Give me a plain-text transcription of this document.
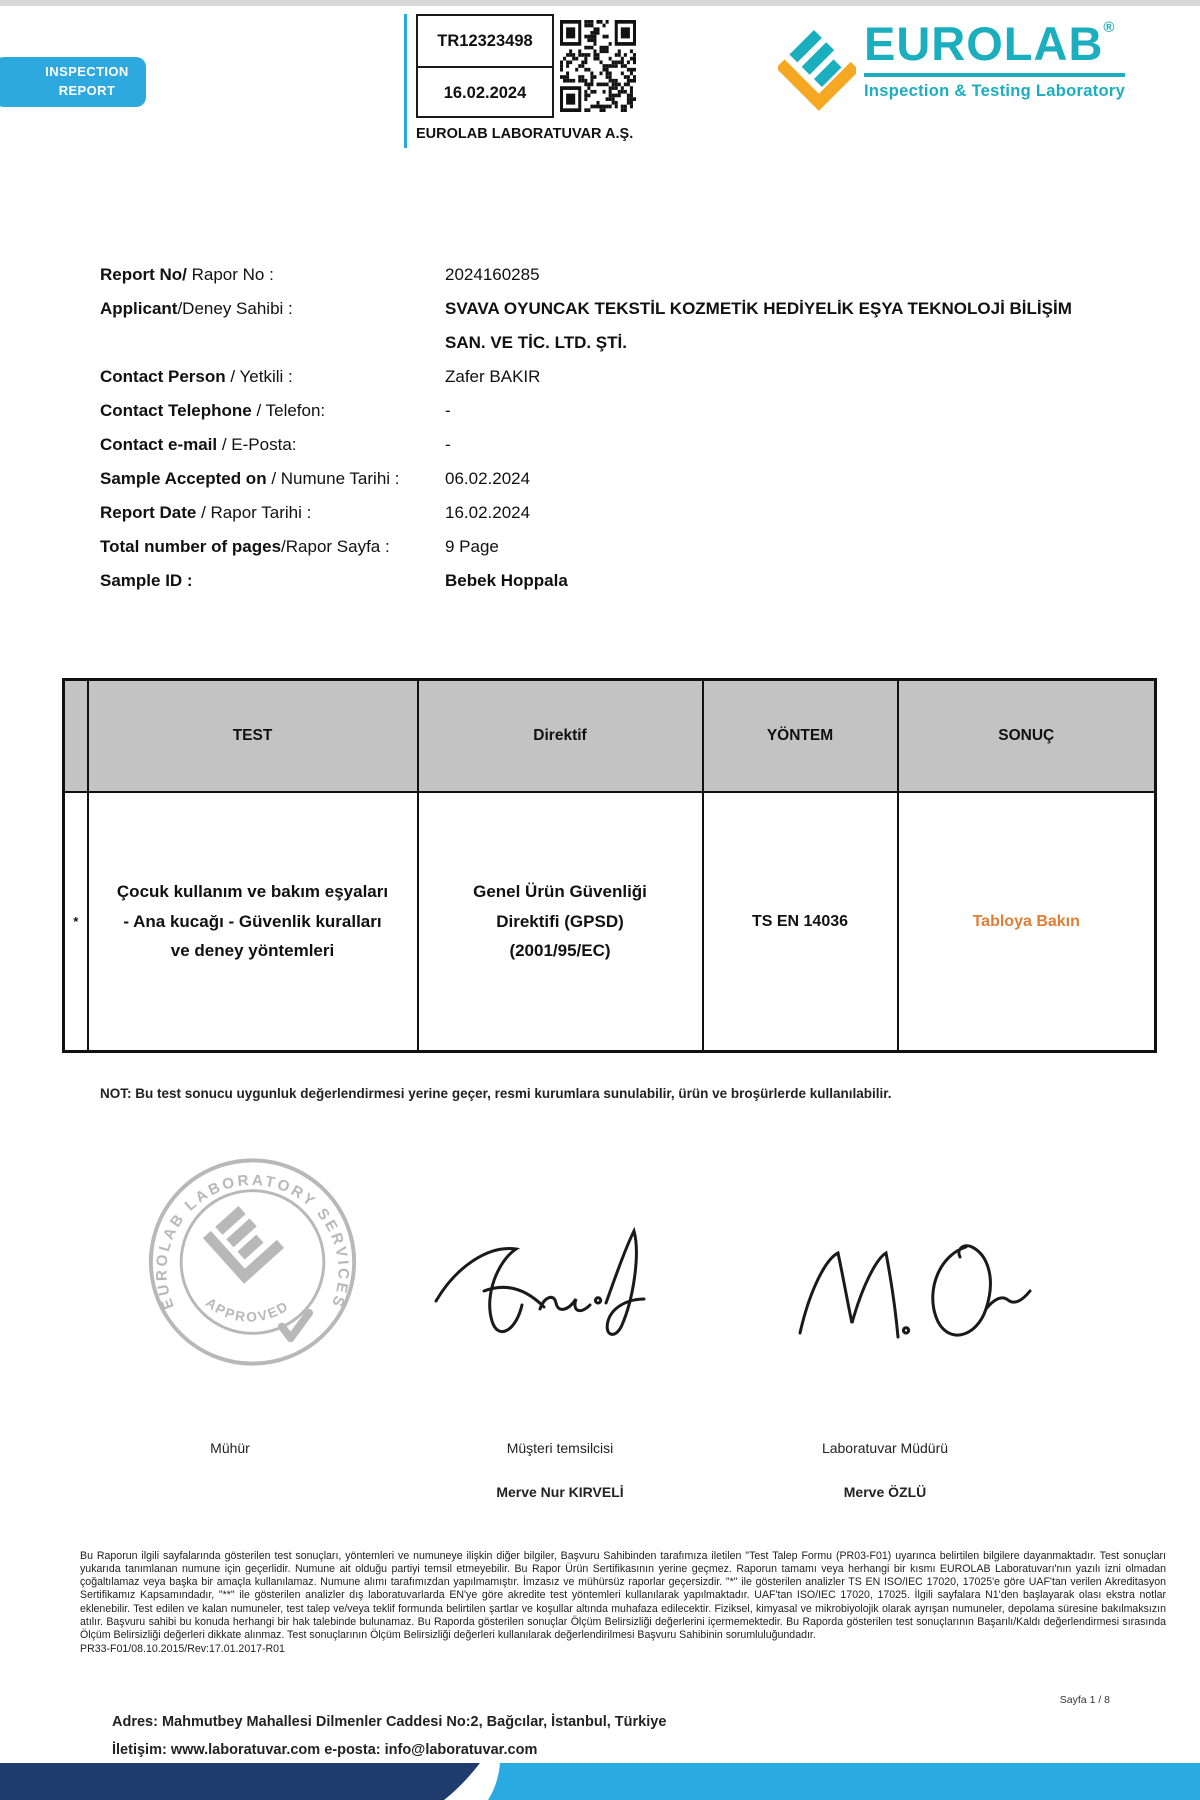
INSPECTION
REPORT
TR12323498
16.02.2024
EUROLAB LABORATUVAR A.Ş.
EUROLAB®
Inspection & Testing Laboratory
Report No/ Rapor No :	2024160285
Applicant/Deney Sahibi :	SVAVA OYUNCAK TEKSTİL KOZMETİK HEDİYELİK EŞYA TEKNOLOJİ BİLİŞİM SAN. VE TİC. LTD. ŞTİ.
Contact Person / Yetkili :	Zafer BAKIR
Contact Telephone / Telefon:	-
Contact e-mail / E-Posta:	-
Sample Accepted on / Numune Tarihi :	06.02.2024
Report Date / Rapor Tarihi :	16.02.2024
Total number of pages/Rapor Sayfa :	9 Page
Sample ID :	Bebek Hoppala
	TEST	Direktif	YÖNTEM	SONUÇ
*	Çocuk kullanım ve bakım eşyaları - Ana kucağı - Güvenlik kuralları ve deney yöntemleri	Genel Ürün Güvenliği Direktifi (GPSD) (2001/95/EC)	TS EN 14036	Tabloya Bakın
NOT: Bu test sonucu uygunluk değerlendirmesi yerine geçer, resmi kurumlara sunulabilir, ürün ve broşürlerde kullanılabilir.
EUROLAB LABORATORY SERVICES
APPROVED
Mühür	Müşteri temsilcisi
Merve Nur KIRVELİ
Laboratuvar Müdürü
Merve ÖZLÜ
Bu Raporun ilgili sayfalarında gösterilen test sonuçları, yöntemleri ve numuneye ilişkin diğer bilgiler, Başvuru Sahibinden tarafımıza iletilen "Test Talep Formu (PR03-F01) uyarınca belirtilen bilgilere dayanmaktadır. Test sonuçları yukarıda tanımlanan numune için geçerlidir. Numune ait olduğu partiyi temsil etmeyebilir. Bu Rapor Ürün Sertifikasının yerine geçmez. Raporun tamamı veya herhangi bir kısmı EUROLAB Laboratuvarı'nın yazılı izni olmadan çoğaltılamaz veya başka bir amaçla kullanılamaz. Numune alımı tarafımızdan yapılmamıştır. İmzasız ve mühürsüz raporlar geçersizdir. "*" ile gösterilen analizler TS EN ISO/IEC 17020, 17025'e göre UAF'tan verilen Akreditasyon Sertifikamız Kapsamındadır, "**" ile gösterilen analizler dış laboratuvarlarda EN'ye göre akredite test yöntemleri kullanılarak yapılmaktadır. UAF'tan ISO/IEC 17020, 17025. İlgili sayfalara N1'den başlayarak olası ekstra notlar eklenebilir. Test edilen ve kalan numuneler, test talep ve/veya teklif formunda belirtilen şartlar ve koşullar altında muhafaza edilecektir. Fiziksel, kimyasal ve mikrobiyolojik olarak ayrışan numuneler, depolama süresine bakılmaksızın atılır. Başvuru sahibi bu konuda herhangi bir hak talebinde bulunamaz. Bu Raporda gösterilen sonuçlar Ölçüm Belirsizliği değerlerini içermemektedir. Bu Raporda gösterilen test sonuçlarının Başarılı/Kaldı değerlendirmesi sırasında Ölçüm Belirsizliği değerleri dikkate alınmaz. Test sonuçlarının Ölçüm Belirsizliği değerleri kullanılarak değerlendirilmesi Başvuru Sahibinin sorumluluğundadır.
PR33-F01/08.10.2015/Rev:17.01.2017-R01
Sayfa 1 / 8
Adres: Mahmutbey Mahallesi Dilmenler Caddesi No:2, Bağcılar, İstanbul, Türkiye
İletişim: www.laboratuvar.com e-posta: info@laboratuvar.com
